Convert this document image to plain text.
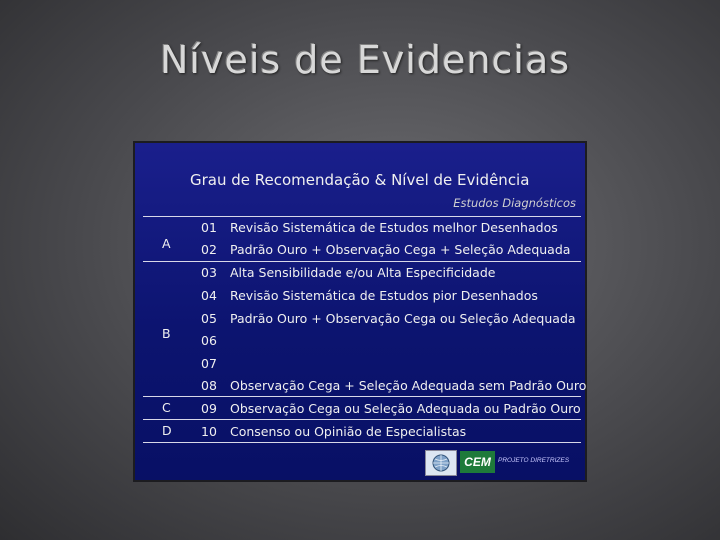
Níveis de Evidencias
Grau de Recomendação & Nível de Evidência
Estudos Diagnósticos
A
B
C
D
01 Revisão Sistemática de Estudos melhor Desenhados
02 Padrão Ouro + Observação Cega + Seleção Adequada
03 Alta Sensibilidade e/ou Alta Especificidade
04 Revisão Sistemática de Estudos pior Desenhados
05 Padrão Ouro + Observação Cega ou Seleção Adequada
06
07
08 Observação Cega + Seleção Adequada sem Padrão Ouro
09 Observação Cega ou Seleção Adequada ou Padrão Ouro
10 Consenso ou Opinião de Especialistas
CEM	PROJETO DIRETRIZES
